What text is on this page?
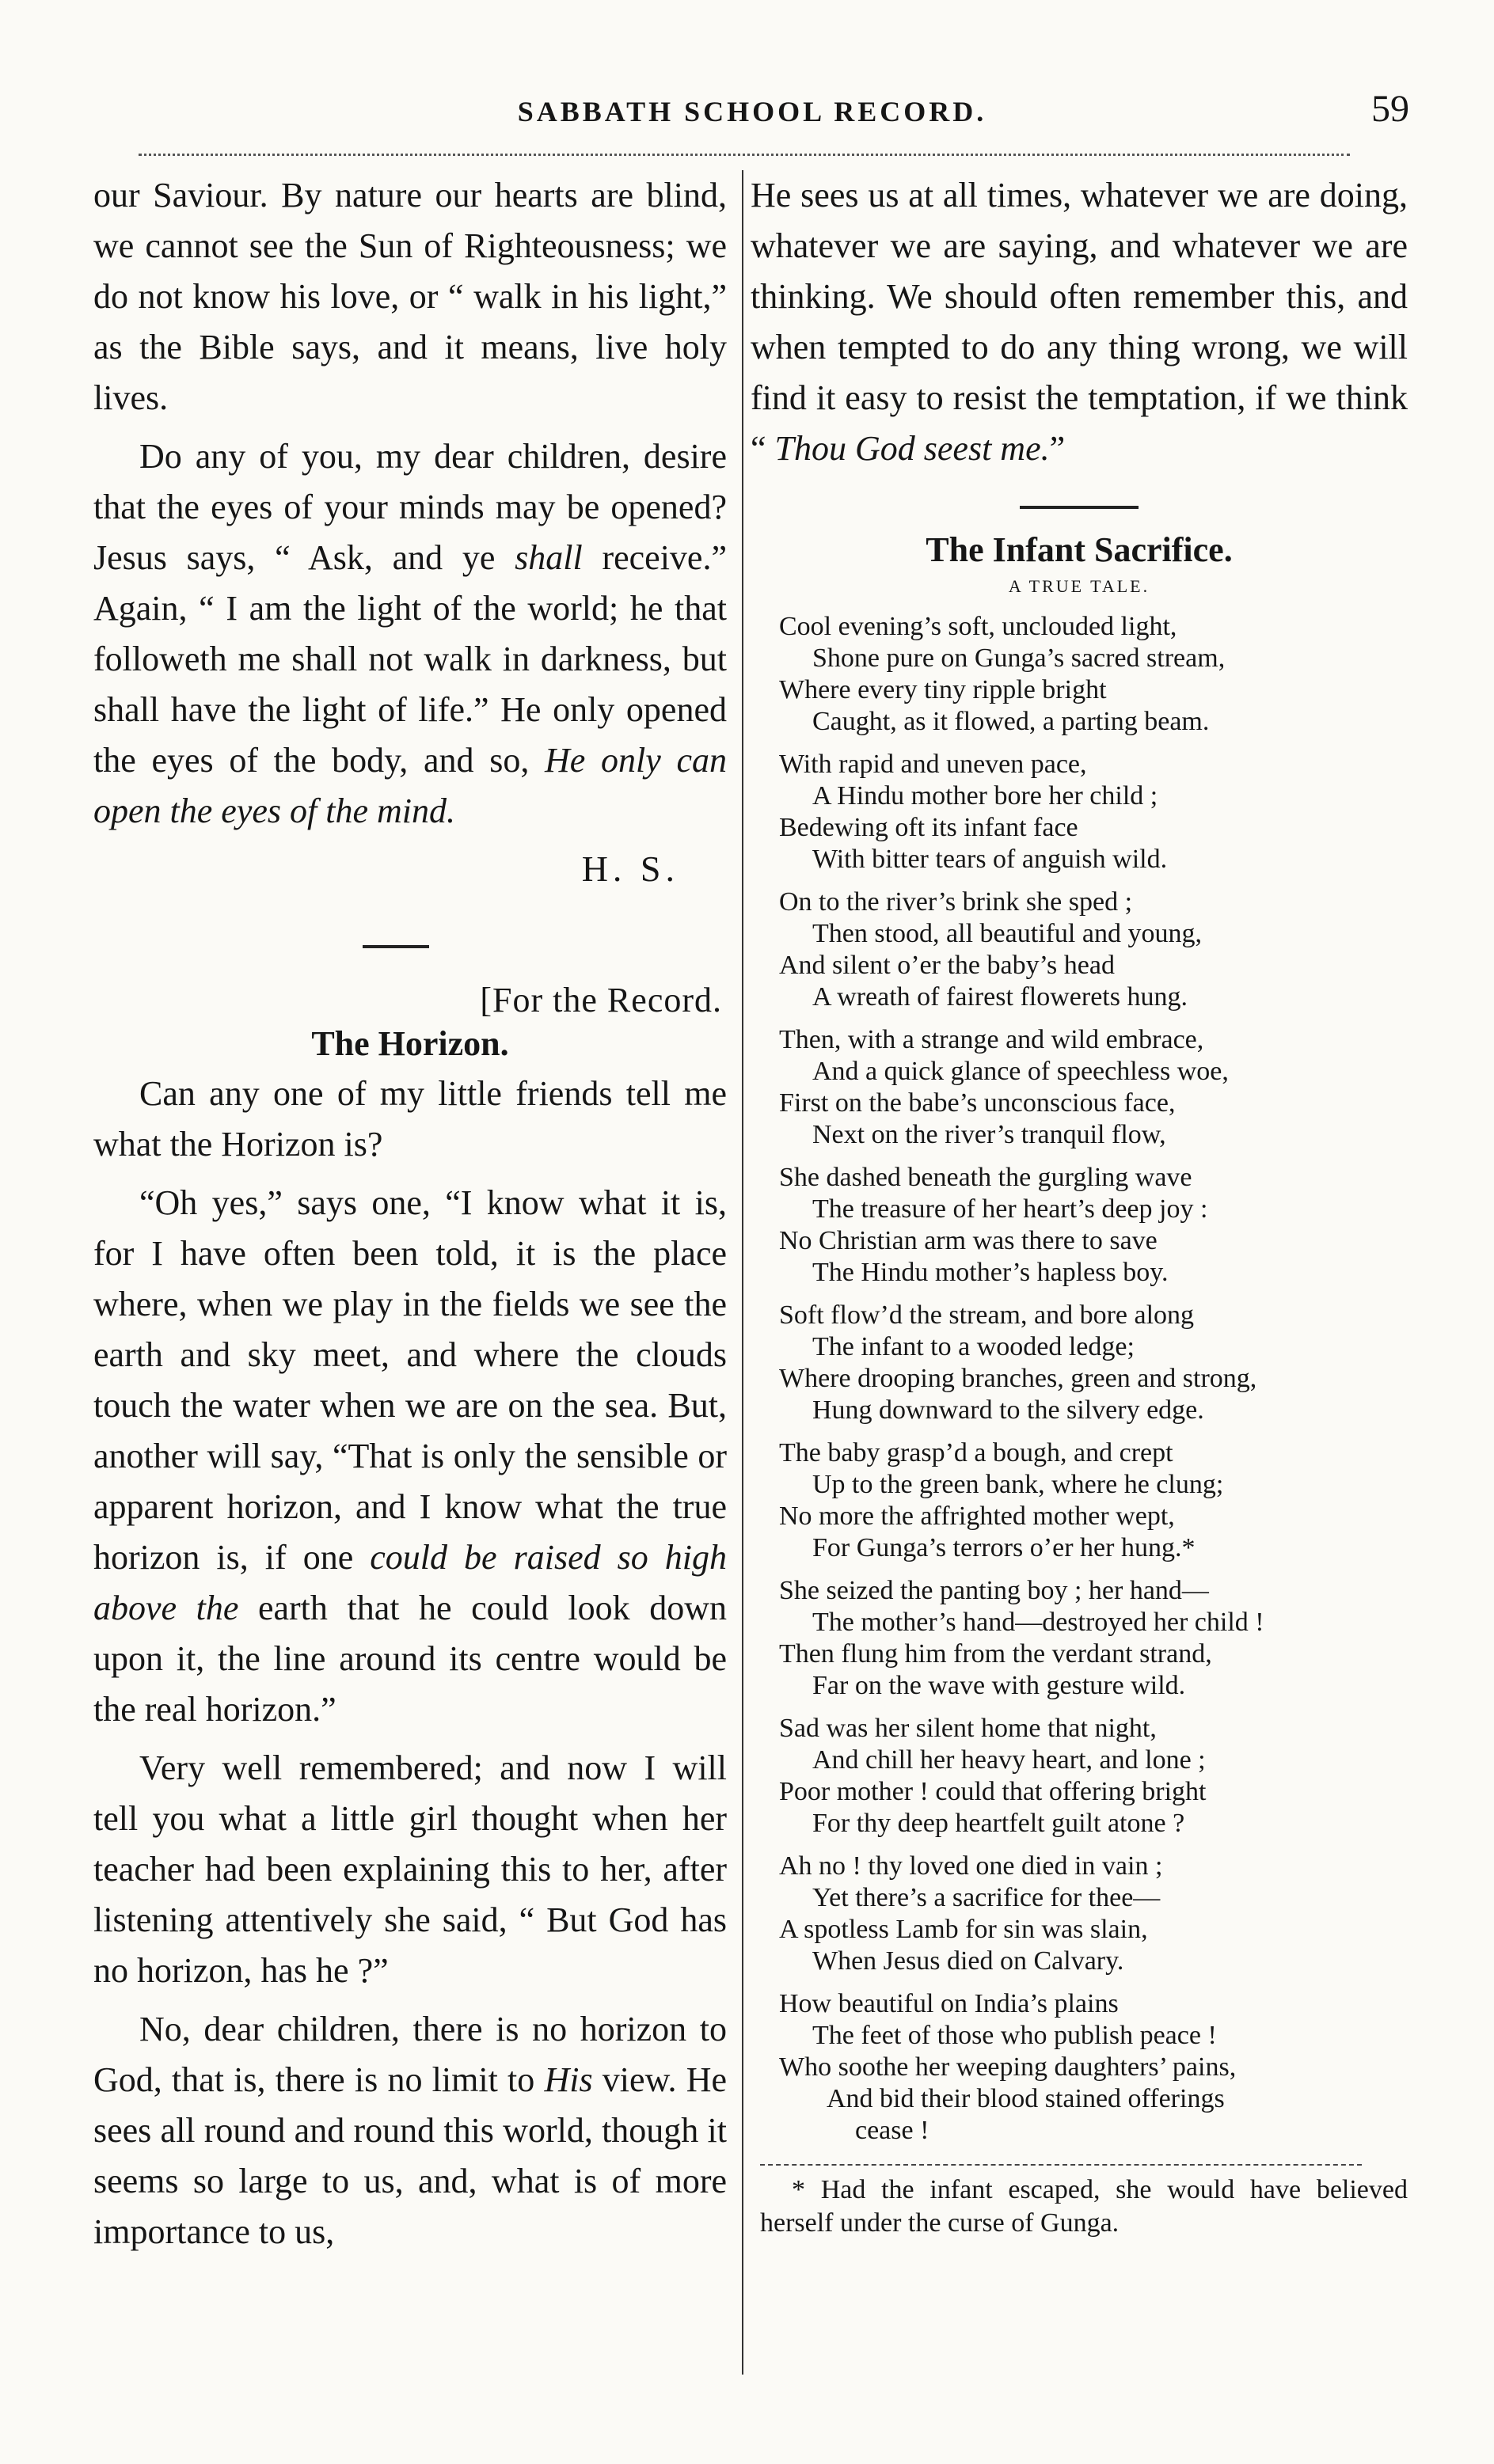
SABBATH SCHOOL RECORD.	59

our Saviour. By nature our hearts are blind, we cannot see the Sun of Righteousness; we do not know his love, or “ walk in his light,” as the Bible says, and it means, live holy lives.

Do any of you, my dear children, desire that the eyes of your minds may be opened? Jesus says, “ Ask, and ye shall receive.” Again, “ I am the light of the world; he that followeth me shall not walk in darkness, but shall have the light of life.” He only opened the eyes of the body, and so, He only can open the eyes of the mind.

H. S.
[For the Record.
The Horizon.

Can any one of my little friends tell me what the Horizon is?

“Oh yes,” says one, “I know what it is, for I have often been told, it is the place where, when we play in the fields we see the earth and sky meet, and where the clouds touch the water when we are on the sea. But, another will say, “That is only the sensible or apparent horizon, and I know what the true horizon is, if one could be raised so high above the earth that he could look down upon it, the line around its centre would be the real horizon.”

Very well remembered; and now I will tell you what a little girl thought when her teacher had been explaining this to her, after listening attentively she said, “ But God has no horizon, has he ?”

No, dear children, there is no horizon to God, that is, there is no limit to His view. He sees all round and round this world, though it seems so large to us, and, what is of more importance to us,

He sees us at all times, whatever we are doing, whatever we are saying, and whatever we are thinking. We should often remember this, and when tempted to do any thing wrong, we will find it easy to resist the temptation, if we think “ Thou God seest me.”

The Infant Sacrifice.
A TRUE TALE.
Cool evening’s soft, unclouded light,
Shone pure on Gunga’s sacred stream,
Where every tiny ripple bright
Caught, as it flowed, a parting beam.
With rapid and uneven pace,
A Hindu mother bore her child ;
Bedewing oft its infant face
With bitter tears of anguish wild.
On to the river’s brink she sped ;
Then stood, all beautiful and young,
And silent o’er the baby’s head
A wreath of fairest flowerets hung.
Then, with a strange and wild embrace,
And a quick glance of speechless woe,
First on the babe’s unconscious face,
Next on the river’s tranquil flow,
She dashed beneath the gurgling wave
The treasure of her heart’s deep joy :
No Christian arm was there to save
The Hindu mother’s hapless boy.
Soft flow’d the stream, and bore along
The infant to a wooded ledge;
Where drooping branches, green and strong,
Hung downward to the silvery edge.
The baby grasp’d a bough, and crept
Up to the green bank, where he clung;
No more the affrighted mother wept,
For Gunga’s terrors o’er her hung.*
She seized the panting boy ; her hand—
The mother’s hand—destroyed her child !
Then flung him from the verdant strand,
Far on the wave with gesture wild.
Sad was her silent home that night,
And chill her heavy heart, and lone ;
Poor mother ! could that offering bright
For thy deep heartfelt guilt atone ?
Ah no ! thy loved one died in vain ;
Yet there’s a sacrifice for thee—
A spotless Lamb for sin was slain,
When Jesus died on Calvary.
How beautiful on India’s plains
The feet of those who publish peace !
Who soothe her weeping daughters’ pains,
And bid their blood stained offerings
cease !

* Had the infant escaped, she would have believed herself under the curse of Gunga.
